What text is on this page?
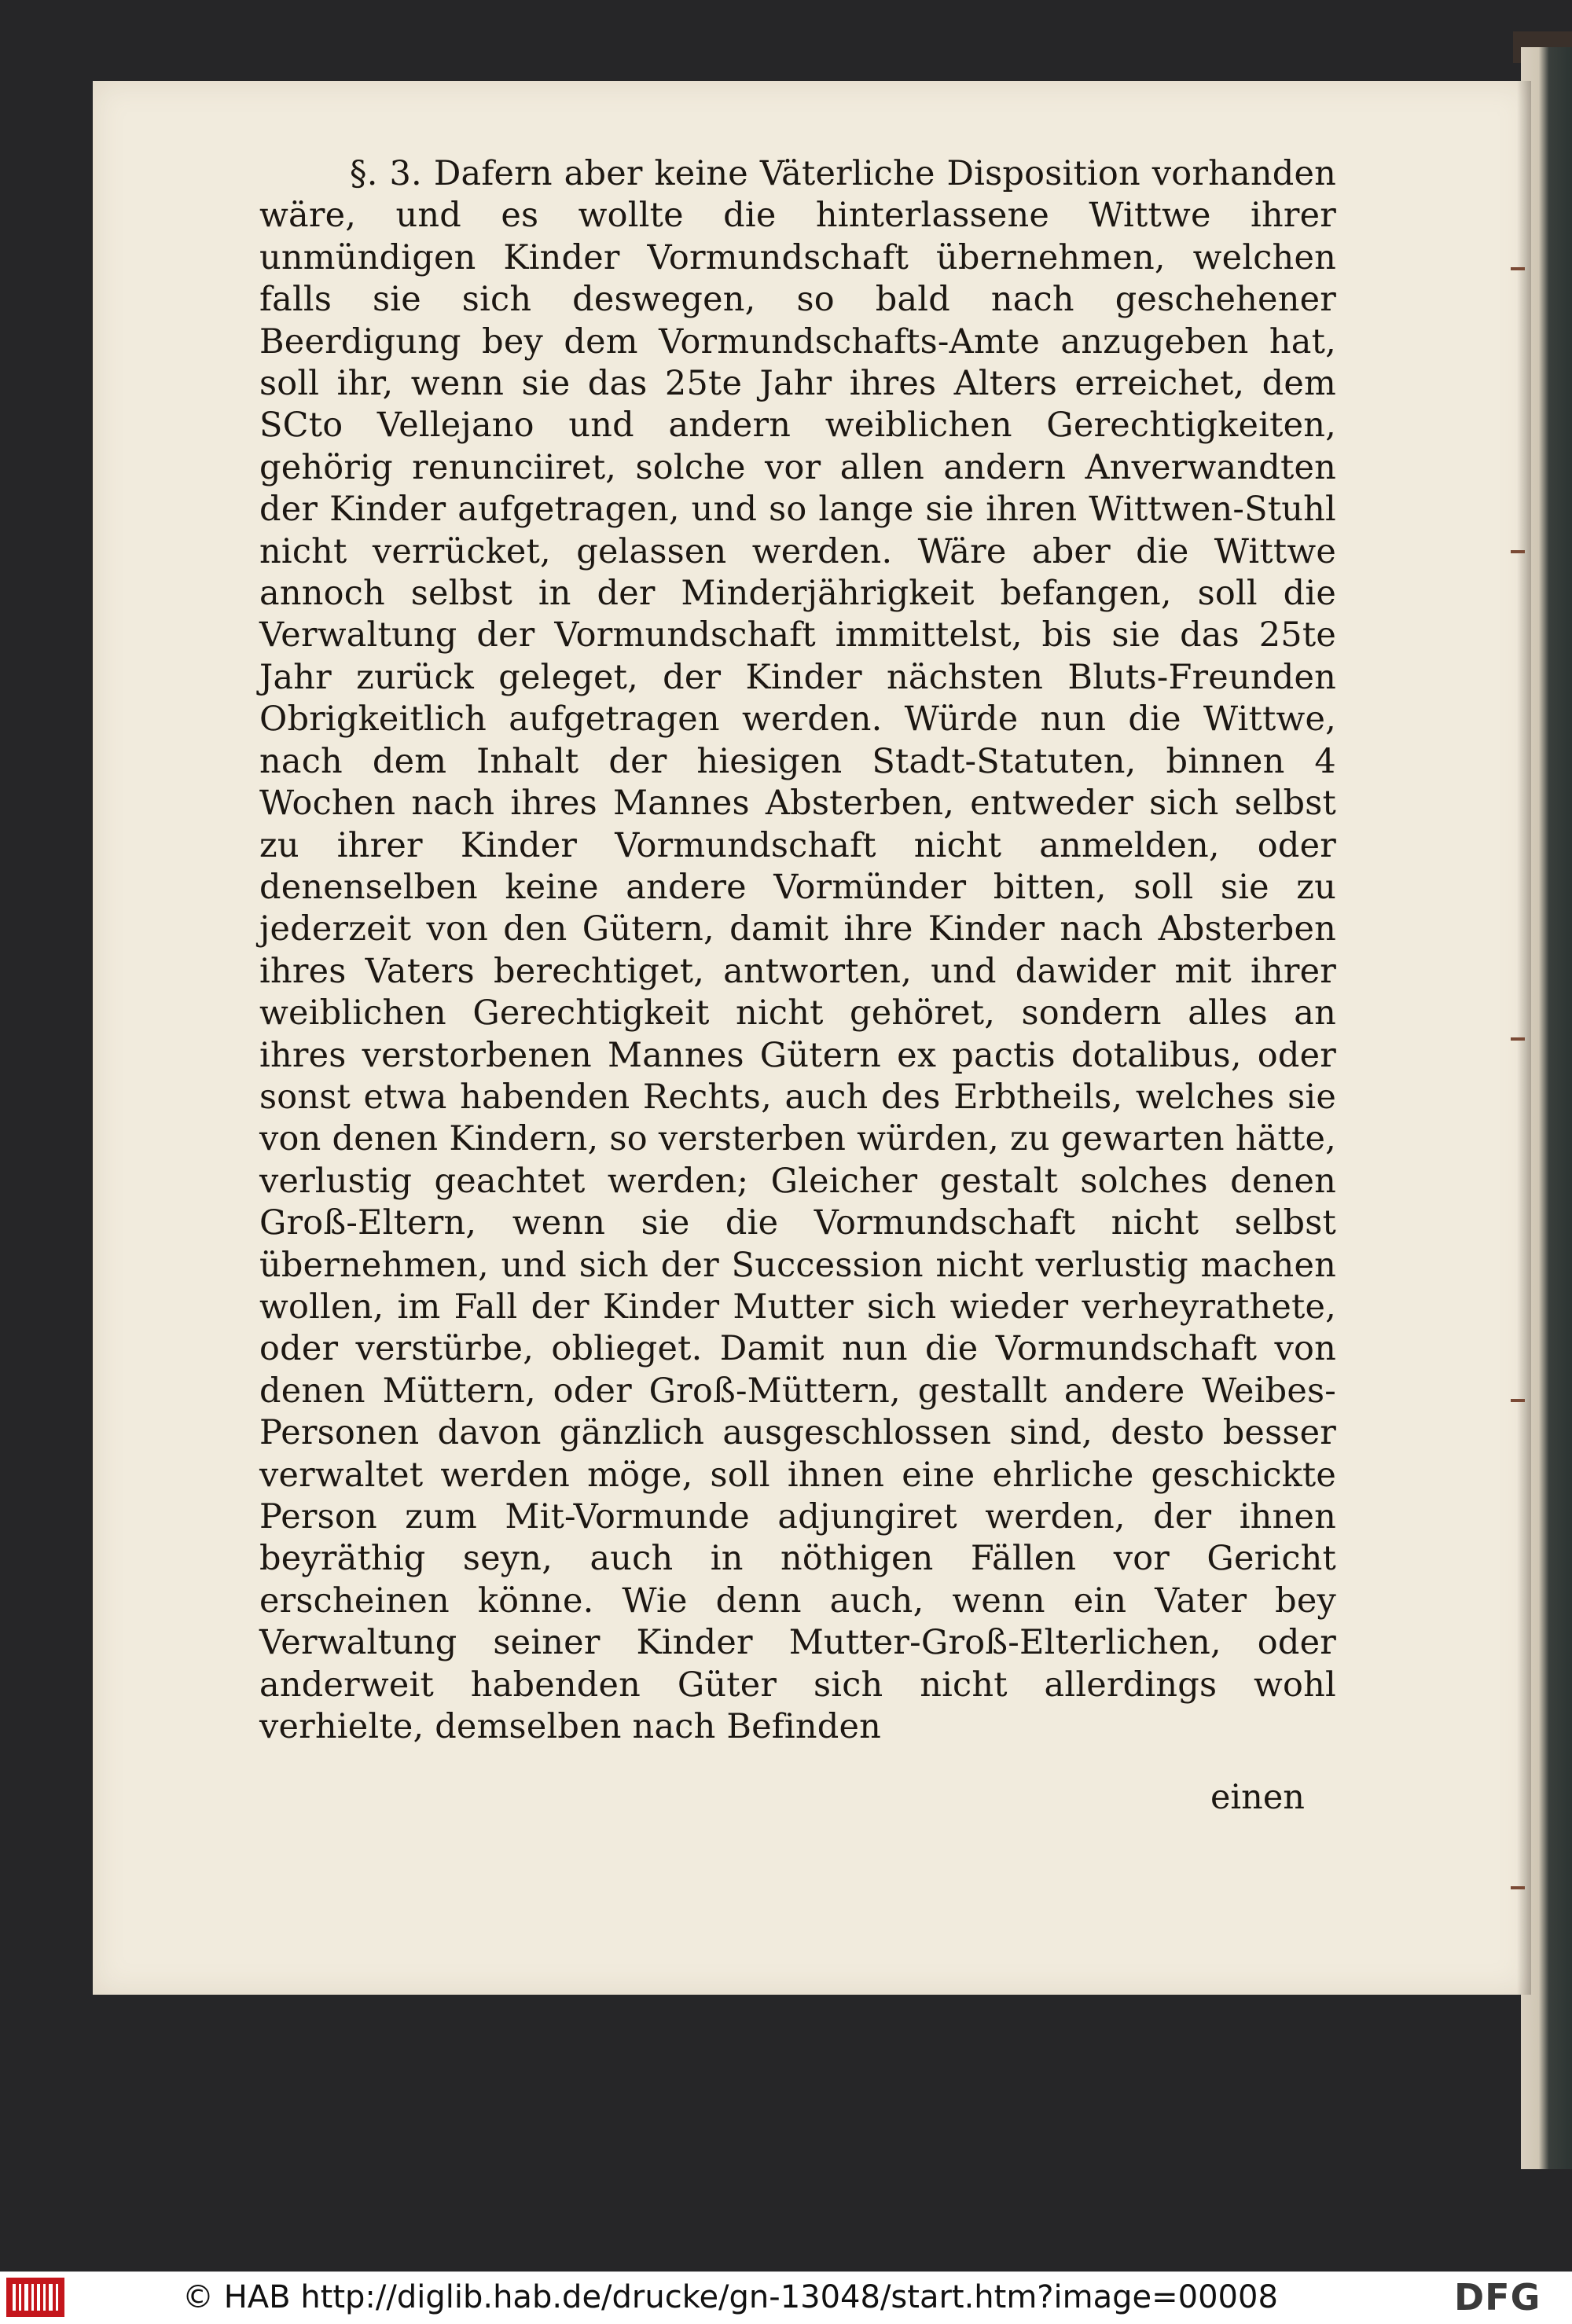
§. 3. Dafern aber keine Väterliche Disposition vorhanden wäre, und es wollte die hinterlassene Wittwe ihrer unmündigen Kinder Vormundschaft übernehmen, welchen falls sie sich deswegen, so bald nach geschehener Beerdigung bey dem Vormundschafts-Amte anzugeben hat, soll ihr, wenn sie das 25te Jahr ihres Alters erreichet, dem SCto Vellejano und andern weiblichen Gerechtigkeiten, gehörig renunciiret, solche vor allen andern Anverwandten der Kinder aufgetragen, und so lange sie ihren Wittwen-Stuhl nicht verrücket, gelassen werden. Wäre aber die Wittwe annoch selbst in der Minderjährigkeit befangen, soll die Verwaltung der Vormundschaft immittelst, bis sie das 25te Jahr zurück geleget, der Kinder nächsten Bluts-Freunden Obrigkeitlich aufgetragen werden. Würde nun die Wittwe, nach dem Inhalt der hiesigen Stadt-Statuten, binnen 4 Wochen nach ihres Mannes Absterben, entweder sich selbst zu ihrer Kinder Vormundschaft nicht anmelden, oder denenselben keine andere Vormünder bitten, soll sie zu jederzeit von den Gütern, damit ihre Kinder nach Absterben ihres Vaters berechtiget, antworten, und dawider mit ihrer weiblichen Gerechtigkeit nicht gehöret, sondern alles an ihres verstorbenen Mannes Gütern ex pactis dotalibus, oder sonst etwa habenden Rechts, auch des Erbtheils, welches sie von denen Kindern, so versterben würden, zu gewarten hätte, verlustig geachtet werden; Gleicher gestalt solches denen Groß-Eltern, wenn sie die Vormundschaft nicht selbst übernehmen, und sich der Succession nicht verlustig machen wollen, im Fall der Kinder Mutter sich wieder verheyrathete, oder verstürbe, oblieget. Damit nun die Vormundschaft von denen Müttern, oder Groß-Müttern, gestallt andere Weibes-Personen davon gänzlich ausgeschlossen sind, desto besser verwaltet werden möge, soll ihnen eine ehrliche geschickte Person zum Mit-Vormunde adjungiret werden, der ihnen beyräthig seyn, auch in nöthigen Fällen vor Gericht erscheinen könne. Wie denn auch, wenn ein Vater bey Verwaltung seiner Kinder Mutter-Groß-Elterlichen, oder anderweit habenden Güter sich nicht allerdings wohl verhielte, demselben nach Befinden

einen
© HAB http://diglib.hab.de/drucke/gn-13048/start.htm?image=00008	DFG
